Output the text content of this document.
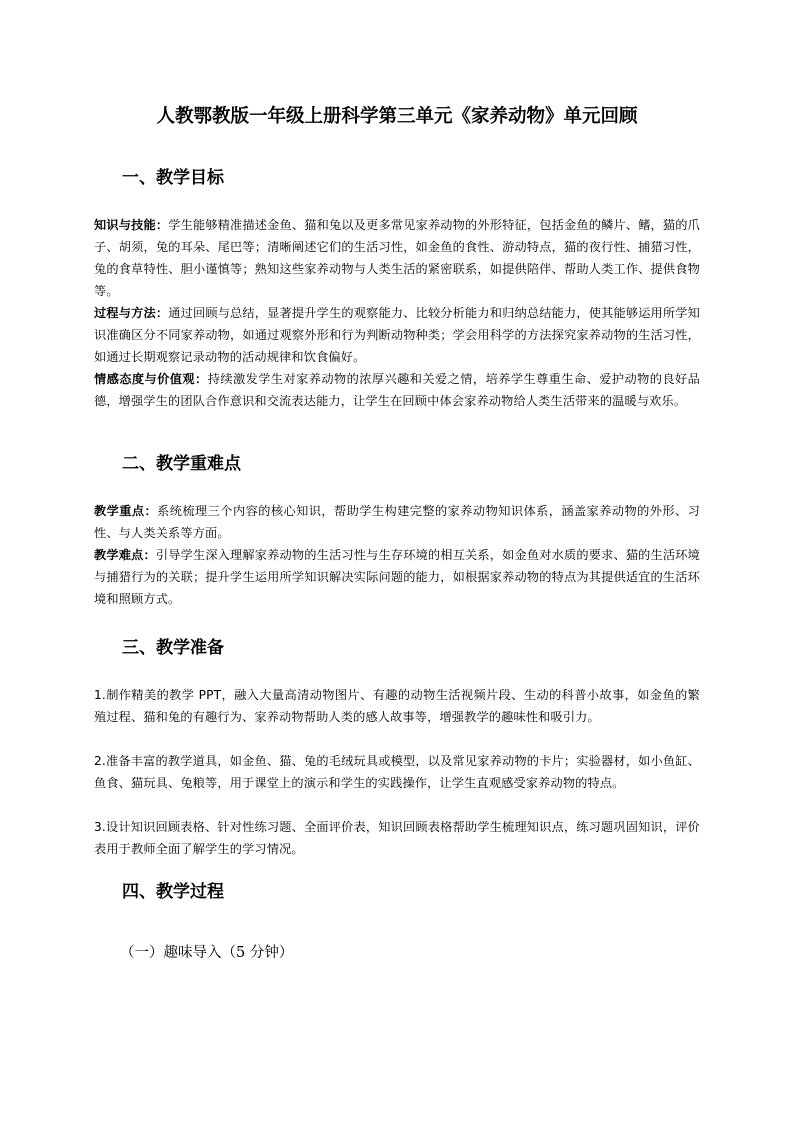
人教鄂教版一年级上册科学第三单元《家养动物》单元回顾
一、教学目标
知识与技能：学生能够精准描述金鱼、猫和兔以及更多常见家养动物的外形特征，包括金鱼的鳞片、鳍，猫的爪子、胡须，兔的耳朵、尾巴等；清晰阐述它们的生活习性，如金鱼的食性、游动特点，猫的夜行性、捕猎习性，兔的食草特性、胆小谨慎等；熟知这些家养动物与人类生活的紧密联系，如提供陪伴、帮助人类工作、提供食物等。
过程与方法：通过回顾与总结，显著提升学生的观察能力、比较分析能力和归纳总结能力，使其能够运用所学知识准确区分不同家养动物，如通过观察外形和行为判断动物种类；学会用科学的方法探究家养动物的生活习性，如通过长期观察记录动物的活动规律和饮食偏好。
情感态度与价值观：持续激发学生对家养动物的浓厚兴趣和关爱之情，培养学生尊重生命、爱护动物的良好品德，增强学生的团队合作意识和交流表达能力，让学生在回顾中体会家养动物给人类生活带来的温暖与欢乐。
二、教学重难点
教学重点：系统梳理三个内容的核心知识，帮助学生构建完整的家养动物知识体系，涵盖家养动物的外形、习性、与人类关系等方面。
教学难点：引导学生深入理解家养动物的生活习性与生存环境的相互关系，如金鱼对水质的要求、猫的生活环境与捕猎行为的关联；提升学生运用所学知识解决实际问题的能力，如根据家养动物的特点为其提供适宜的生活环境和照顾方式。
三、教学准备
1.制作精美的教学 PPT，融入大量高清动物图片、有趣的动物生活视频片段、生动的科普小故事，如金鱼的繁殖过程、猫和兔的有趣行为、家养动物帮助人类的感人故事等，增强教学的趣味性和吸引力。
2.准备丰富的教学道具，如金鱼、猫、兔的毛绒玩具或模型，以及常见家养动物的卡片；实验器材，如小鱼缸、鱼食、猫玩具、兔粮等，用于课堂上的演示和学生的实践操作，让学生直观感受家养动物的特点。
3.设计知识回顾表格、针对性练习题、全面评价表，知识回顾表格帮助学生梳理知识点，练习题巩固知识，评价表用于教师全面了解学生的学习情况。
四、教学过程
（一）趣味导入（5 分钟）
